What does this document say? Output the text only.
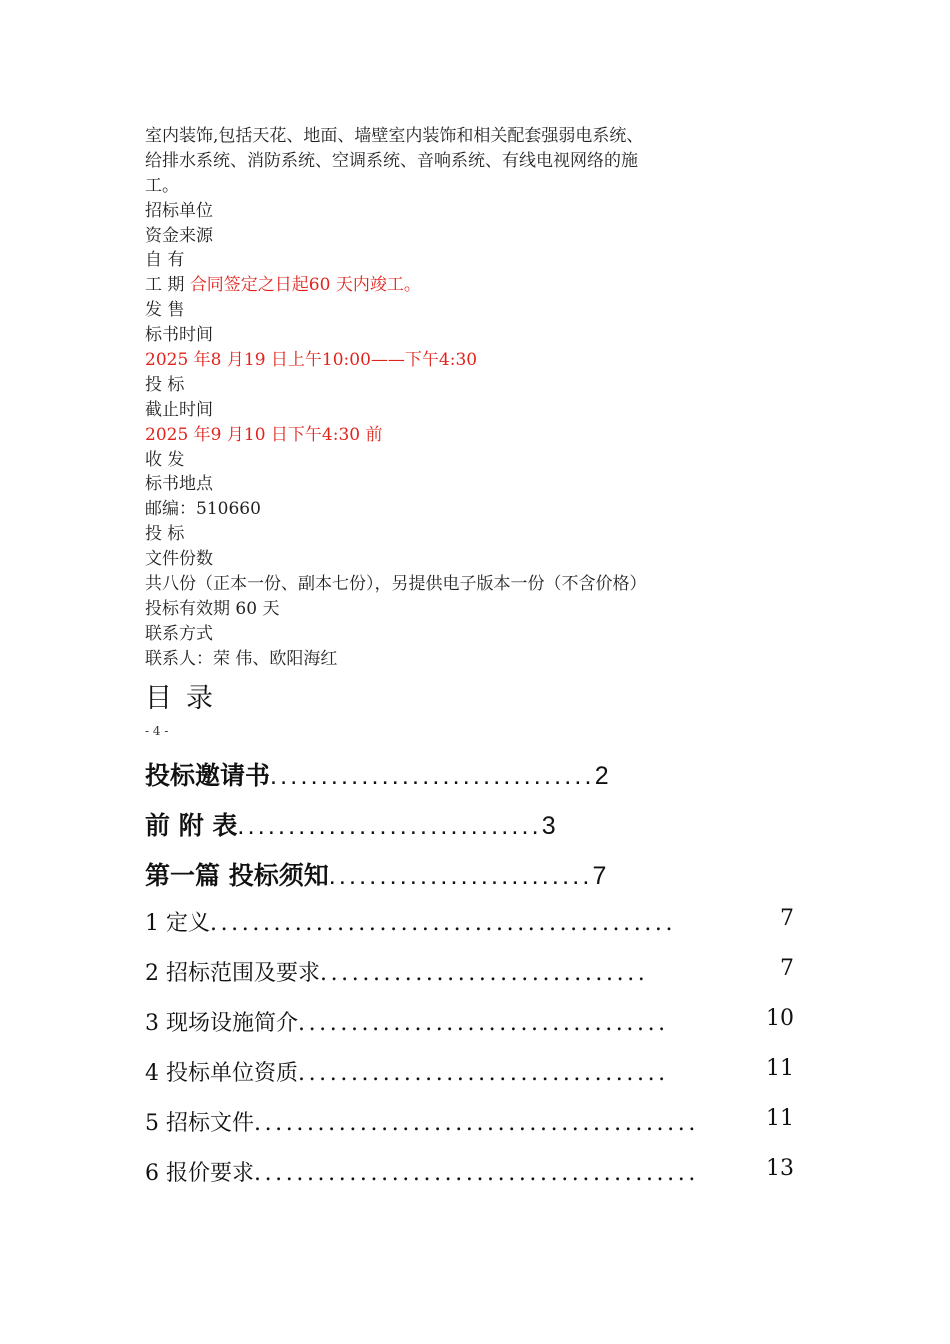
室内装饰,包括天花、地面、墙壁室内装饰和相关配套强弱电系统、
给排水系统、消防系统、空调系统、音响系统、有线电视网络的施
工。
招标单位
资金来源
自 有
工 期 合同签定之日起60 天内竣工。
发 售
标书时间
2025 年8 月19 日上午10:00——下午4:30
投 标
截止时间
2025 年9 月10 日下午4:30 前
收 发
标书地点
邮编：510660
投 标
文件份数
共八份（正本一份、副本七份），另提供电子版本一份（不含价格）
投标有效期 60 天
联系方式
联系人：荣 伟、欧阳海红
目录
- 4 -
投标邀请书................................2
前 附 表..............................3
第一篇 投标须知..........................7
1 定义............................................
2 招标范围及要求...............................
3 现场设施简介...................................
4 投标单位资质...................................
5 招标文件..........................................
6 报价要求..........................................
7
7
10
11
11
13
